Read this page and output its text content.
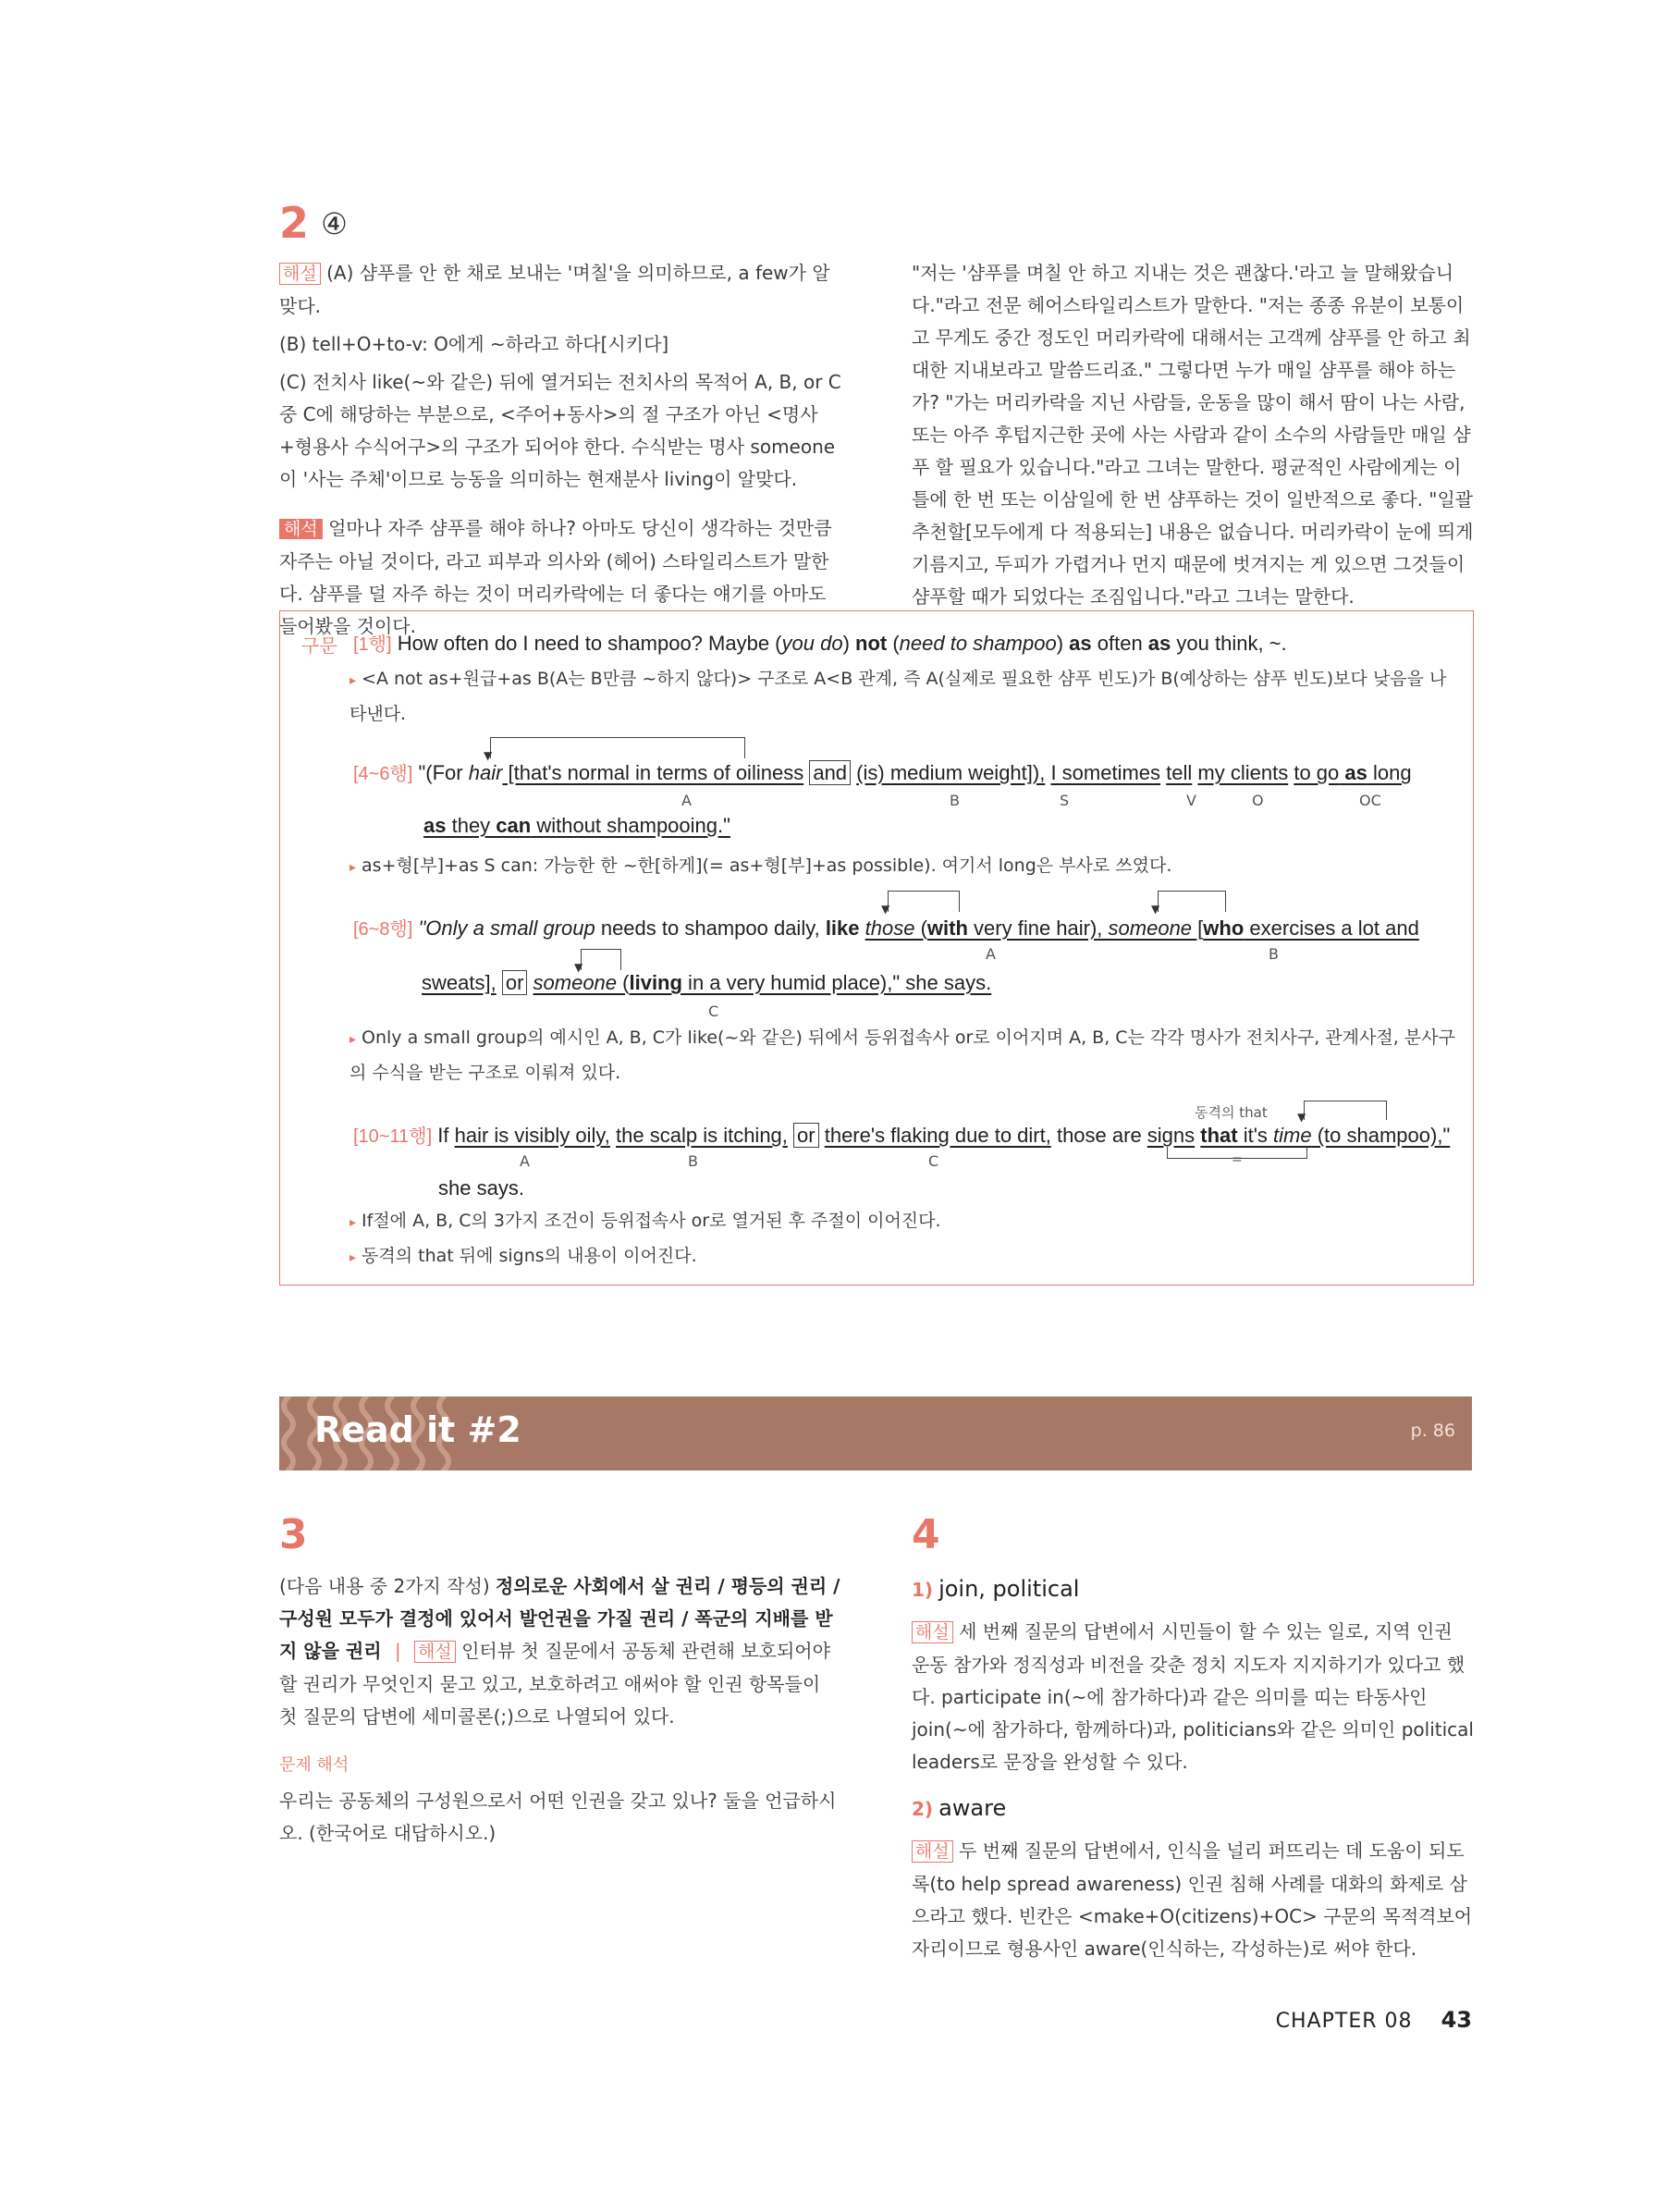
2 ④

해설 (A) 샴푸를 안 한 채로 보내는 '며칠'을 의미하므로, a few가 알맞다.

(B) tell+O+to-v: O에게 ~하라고 하다[시키다]

(C) 전치사 like(~와 같은) 뒤에 열거되는 전치사의 목적어 A, B, or C 중 C에 해당하는 부분으로, <주어+동사>의 절 구조가 아닌 <명사+형용사 수식어구>의 구조가 되어야 한다. 수식받는 명사 someone이 '사는 주체'이므로 능동을 의미하는 현재분사 living이 알맞다.

해석 얼마나 자주 샴푸를 해야 하나? 아마도 당신이 생각하는 것만큼 자주는 아닐 것이다, 라고 피부과 의사와 (헤어) 스타일리스트가 말한다. 샴푸를 덜 자주 하는 것이 머리카락에는 더 좋다는 얘기를 아마도 들어봤을 것이다.

"저는 '샴푸를 며칠 안 하고 지내는 것은 괜찮다.'라고 늘 말해왔습니다."라고 전문 헤어스타일리스트가 말한다. "저는 종종 유분이 보통이고 무게도 중간 정도인 머리카락에 대해서는 고객께 샴푸를 안 하고 최대한 지내보라고 말씀드리죠." 그렇다면 누가 매일 샴푸를 해야 하는가? "가는 머리카락을 지닌 사람들, 운동을 많이 해서 땀이 나는 사람, 또는 아주 후텁지근한 곳에 사는 사람과 같이 소수의 사람들만 매일 샴푸 할 필요가 있습니다."라고 그녀는 말한다. 평균적인 사람에게는 이틀에 한 번 또는 이삼일에 한 번 샴푸하는 것이 일반적으로 좋다. "일괄 추천할[모두에게 다 적용되는] 내용은 없습니다. 머리카락이 눈에 띄게 기름지고, 두피가 가렵거나 먼지 때문에 벗겨지는 게 있으면 그것들이 샴푸할 때가 되었다는 조짐입니다."라고 그녀는 말한다.

구문 [1행] How often do I need to shampoo? Maybe (you do) not (need to shampoo) as often as you think, ~.
▸ <A not as+원급+as B(A는 B만큼 ~하지 않다)> 구조로 A<B 관계, 즉 A(실제로 필요한 샴푸 빈도)가 B(예상하는 샴푸 빈도)보다 낮음을 나타낸다.
▼
[4~6행] "(For hair [that's normal in terms of oiliness and (is) medium weight]), I sometimes tell my clients to go as long
A	B	S	V	O	OC
as they can without shampooing."
▸ as+형[부]+as S can: 가능한 한 ~한[하게](= as+형[부]+as possible). 여기서 long은 부사로 쓰였다.
▼	▼
[6~8행] "Only a small group needs to shampoo daily, like those (with very fine hair), someone [who exercises a lot and
A	B
▼
sweats], or someone (living in a very humid place)," she says.
C
▸ Only a small group의 예시인 A, B, C가 like(~와 같은) 뒤에서 등위접속사 or로 이어지며 A, B, C는 각각 명사가 전치사구, 관계사절, 분사구의 수식을 받는 구조로 이뤄져 있다.
동격의 that	▼
[10~11행] If hair is visibly oily, the scalp is itching, or there's flaking due to dirt, those are signs that it's time (to shampoo),"
A	B	C	=
she says.
▸ If절에 A, B, C의 3가지 조건이 등위접속사 or로 열거된 후 주절이 이어진다.
▸ 동격의 that 뒤에 signs의 내용이 이어진다.
Read it #2	p. 86
3

(다음 내용 중 2가지 작성) 정의로운 사회에서 살 권리 / 평등의 권리 / 구성원 모두가 결정에 있어서 발언권을 가질 권리 / 폭군의 지배를 받지 않을 권리 | 해설 인터뷰 첫 질문에서 공동체 관련해 보호되어야 할 권리가 무엇인지 묻고 있고, 보호하려고 애써야 할 인권 항목들이 첫 질문의 답변에 세미콜론(;)으로 나열되어 있다.

문제 해석

우리는 공동체의 구성원으로서 어떤 인권을 갖고 있나? 둘을 언급하시오. (한국어로 대답하시오.)

4
1) join, political

해설 세 번째 질문의 답변에서 시민들이 할 수 있는 일로, 지역 인권 운동 참가와 정직성과 비전을 갖춘 정치 지도자 지지하기가 있다고 했다. participate in(~에 참가하다)과 같은 의미를 띠는 타동사인 join(~에 참가하다, 함께하다)과, politicians와 같은 의미인 political leaders로 문장을 완성할 수 있다.

2) aware

해설 두 번째 질문의 답변에서, 인식을 널리 퍼뜨리는 데 도움이 되도록(to help spread awareness) 인권 침해 사례를 대화의 화제로 삼으라고 했다. 빈칸은 <make+O(citizens)+OC> 구문의 목적격보어 자리이므로 형용사인 aware(인식하는, 각성하는)로 써야 한다.

CHAPTER 08 43
